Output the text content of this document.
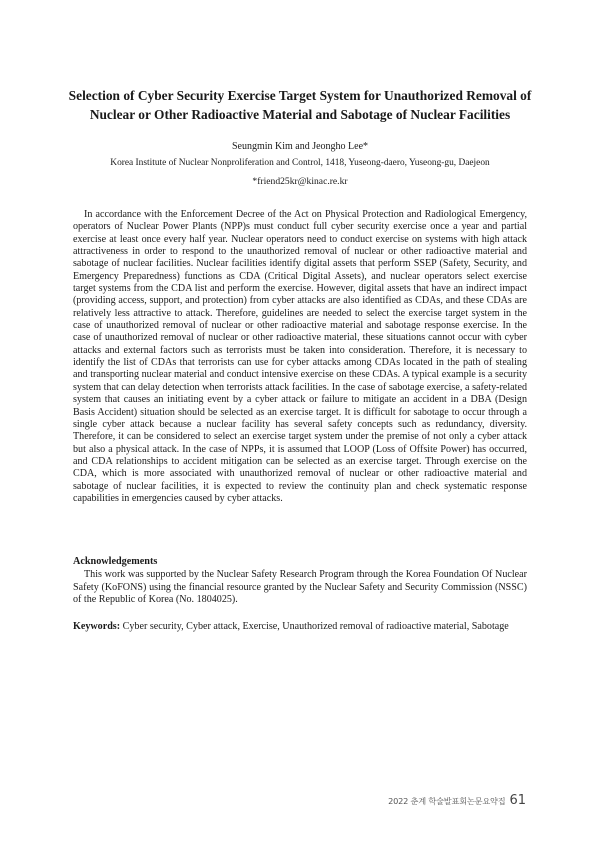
Selection of Cyber Security Exercise Target System for Unauthorized Removal of Nuclear or Other Radioactive Material and Sabotage of Nuclear Facilities
Seungmin Kim and Jeongho Lee*
Korea Institute of Nuclear Nonproliferation and Control, 1418, Yuseong-daero, Yuseong-gu, Daejeon
*friend25kr@kinac.re.kr

In accordance with the Enforcement Decree of the Act on Physical Protection and Radiological Emergency, operators of Nuclear Power Plants (NPP)s must conduct full cyber security exercise once a year and partial exercise at least once every half year. Nuclear operators need to conduct exercise on systems with high attack attractiveness in order to respond to the unauthorized removal of nuclear or other radioactive material and sabotage of nuclear facilities. Nuclear facilities identify digital assets that perform SSEP (Safety, Security, and Emergency Preparedness) functions as CDA (Critical Digital Assets), and nuclear operators select exercise target systems from the CDA list and perform the exercise. However, digital assets that have an indirect impact (providing access, support, and protection) from cyber attacks are also identified as CDAs, and these CDAs are relatively less attractive to attack. Therefore, guidelines are needed to select the exercise target system in the case of unauthorized removal of nuclear or other radioactive material and sabotage response exercise. In the case of unauthorized removal of nuclear or other radioactive material, these situations cannot occur with cyber attacks and external factors such as terrorists must be taken into consideration. Therefore, it is necessary to identify the list of CDAs that terrorists can use for cyber attacks among CDAs located in the path of stealing and transporting nuclear material and conduct intensive exercise on these CDAs. A typical example is a security system that can delay detection when terrorists attack facilities. In the case of sabotage exercise, a safety-related system that causes an initiating event by a cyber attack or failure to mitigate an accident in a DBA (Design Basis Accident) situation should be selected as an exercise target. It is difficult for sabotage to occur through a single cyber attack because a nuclear facility has several safety concepts such as redundancy, diversity. Therefore, it can be considered to select an exercise target system under the premise of not only a cyber attack but also a physical attack. In the case of NPPs, it is assumed that LOOP (Loss of Offsite Power) has occurred, and CDA relationships to accident mitigation can be selected as an exercise target. Through exercise on the CDA, which is more associated with unauthorized removal of nuclear or other radioactive material and sabotage of nuclear facilities, it is expected to review the continuity plan and check systematic response capabilities in emergencies caused by cyber attacks.

Acknowledgements

This work was supported by the Nuclear Safety Research Program through the Korea Foundation Of Nuclear Safety (KoFONS) using the financial resource granted by the Nuclear Safety and Security Commission (NSSC) of the Republic of Korea (No. 1804025).

Keywords: Cyber security, Cyber attack, Exercise, Unauthorized removal of radioactive material, Sabotage

2022 춘계 학술발표회논문요약집 61
